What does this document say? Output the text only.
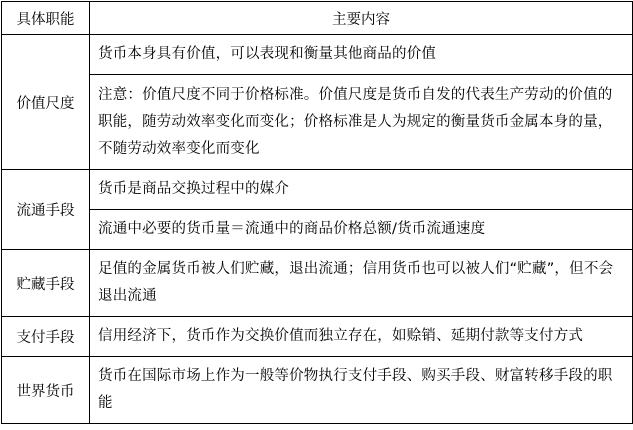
具体职能	主要内容
价值尺度	货币本身具有价值，可以表现和衡量其他商品的价值
	注意：价值尺度不同于价格标准。价值尺度是货币自发的代表生产劳动的价值的职能，随劳动效率变化而变化；价格标准是人为规定的衡量货币金属本身的量，不随劳动效率变化而变化
流通手段	货币是商品交换过程中的媒介
	流通中必要的货币量＝流通中的商品价格总额/货币流通速度
贮藏手段	足值的金属货币被人们贮藏，退出流通；信用货币也可以被人们“贮藏”，但不会退出流通
支付手段	信用经济下，货币作为交换价值而独立存在，如赊销、延期付款等支付方式
世界货币	货币在国际市场上作为一般等价物执行支付手段、购买手段、财富转移手段的职能
